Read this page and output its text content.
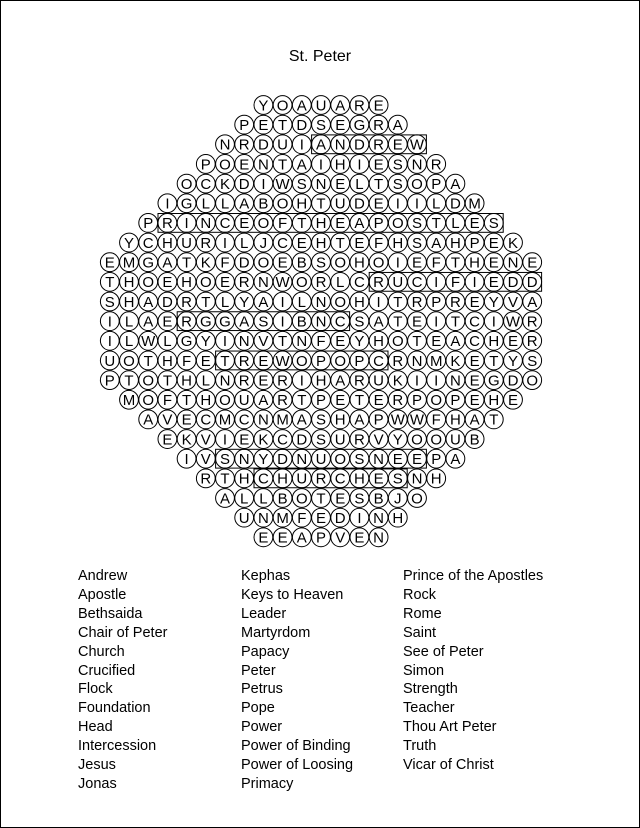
St. Peter
Y O A U A R E
P E T D S E G R A
N R D U I A N D R E W
P O E N T A I H I E S N R
O C K D I W S N E L T S O P A
I G L L A B O H T U D E I I L D M
P R I N C E O F T H E A P O S T L E S
Y C H U R I L J C E H T E F H S A H P E K
E M G A T K F D O E B S O H O I E F T H E N E
T H O E H O E R N W O R L C R U C I F I E D D
S H A D R T L Y A I L N O H I T R P R E Y V A
I L A E R G G A S I B N C S A T E I T C I W R
I L W L G Y I N V T N F E Y H O T E A C H E R
U O T H F E T R E W O P O P C R N M K E T Y S
P T O T H L N R E R I H A R U K I I N E G D O
M O F T H O U A R T P E T E R P O P E H E
A V E C M C N M A S H A P W W F H A T
E K V I E K C D S U R V Y O O U B
I V S N Y D N U O S N E E P A
R T H C H U R C H E S N H
A L L B O T E S B J O
U N M F E D I N H
E E A P V E N
Andrew
Apostle
Bethsaida
Chair of Peter
Church
Crucified
Flock
Foundation
Head
Intercession
Jesus
Jonas
Kephas
Keys to Heaven
Leader
Martyrdom
Papacy
Peter
Petrus
Pope
Power
Power of Binding
Power of Loosing
Primacy
Prince of the Apostles
Rock
Rome
Saint
See of Peter
Simon
Strength
Teacher
Thou Art Peter
Truth
Vicar of Christ
